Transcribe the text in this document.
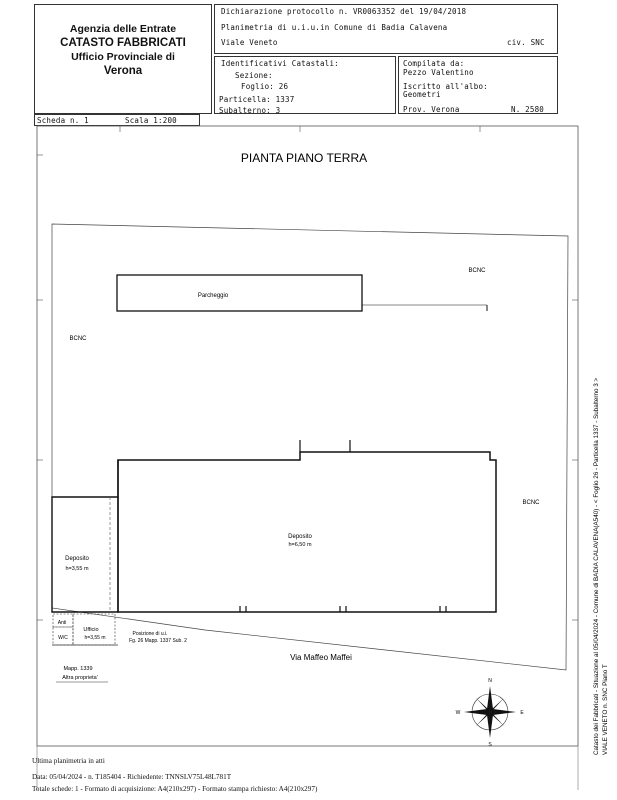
Agenzia delle Entrate
CATASTO FABBRICATI
Ufficio Provinciale di
Verona
Dichiarazione protocollo n. VR0063352 del 19/04/2018
Planimetria di u.i.u.in Comune di Badia Calavena
Viale Veneto	civ. SNC
Identificativi Catastali:
Sezione:
Foglio: 26
Particella: 1337
Subalterno: 3
Compilata da:
Pezzo Valentino
Iscritto all'albo:
Geometri
Prov. Verona	N. 2580
Scheda n. 1	Scala 1:200
N
S
E
W
PIANTA PIANO TERRA
BCNC
BCNC
BCNC
Parcheggio
Deposito
h=6,50 m
Deposito
h=3,55 m
Anti
W/C
Ufficio
h=3,55 m
Posizione di u.i.
Fg. 26 Mapp. 1337 Sub. 2
Via Maffeo Maffei
Mapp. 1339
Altra proprieta'	Catasto dei Fabbricati - Situazione al 05/04/2024 - Comune di BADIA CALAVENA(A540) - < Foglio 26 - Particella 1337 - Subalterno 3 > VIALE VENETO n. SNC Piano T
Ultima planimetria in atti
Data: 05/04/2024 - n. T185404 - Richiedente: TNNSLV75L48L781T
Totale schede: 1 - Formato di acquisizione: A4(210x297) - Formato stampa richiesto: A4(210x297)
